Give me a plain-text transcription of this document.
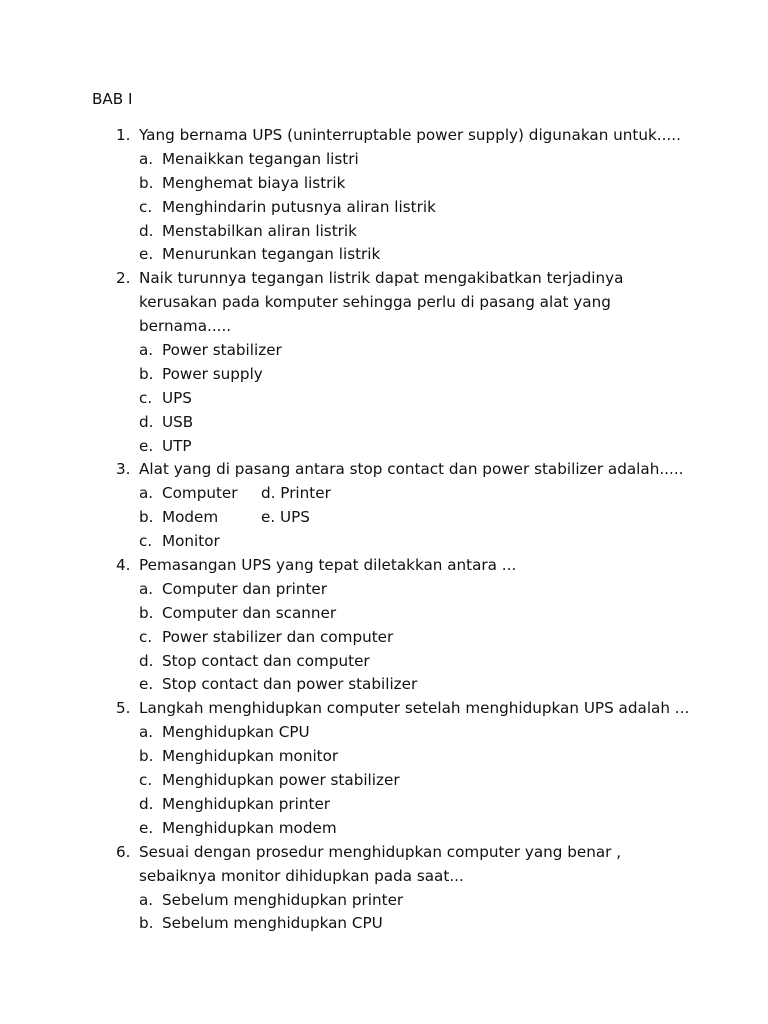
BAB I
1. Yang bernama UPS (uninterruptable power supply) digunakan untuk.....
a. Menaikkan tegangan listri
b. Menghemat biaya listrik
c. Menghindarin putusnya aliran listrik
d. Menstabilkan aliran listrik
e. Menurunkan tegangan listrik
2. Naik turunnya tegangan listrik dapat mengakibatkan terjadinya
kerusakan pada komputer sehingga perlu di pasang alat yang
bernama.....
a. Power stabilizer
b. Power supply
c. UPS
d. USB
e. UTP
3. Alat yang di pasang antara stop contact dan power stabilizer adalah.....
a. Computer d. Printer
b. Modem	e. UPS
c. Monitor
4. Pemasangan UPS yang tepat diletakkan antara ...
a. Computer dan printer
b. Computer dan scanner
c. Power stabilizer dan computer
d. Stop contact dan computer
e. Stop contact dan power stabilizer
5. Langkah menghidupkan computer setelah menghidupkan UPS adalah ...
a. Menghidupkan CPU
b. Menghidupkan monitor
c. Menghidupkan power stabilizer
d. Menghidupkan printer
e. Menghidupkan modem
6. Sesuai dengan prosedur menghidupkan computer yang benar ,
sebaiknya monitor dihidupkan pada saat...
a. Sebelum menghidupkan printer
b. Sebelum menghidupkan CPU
